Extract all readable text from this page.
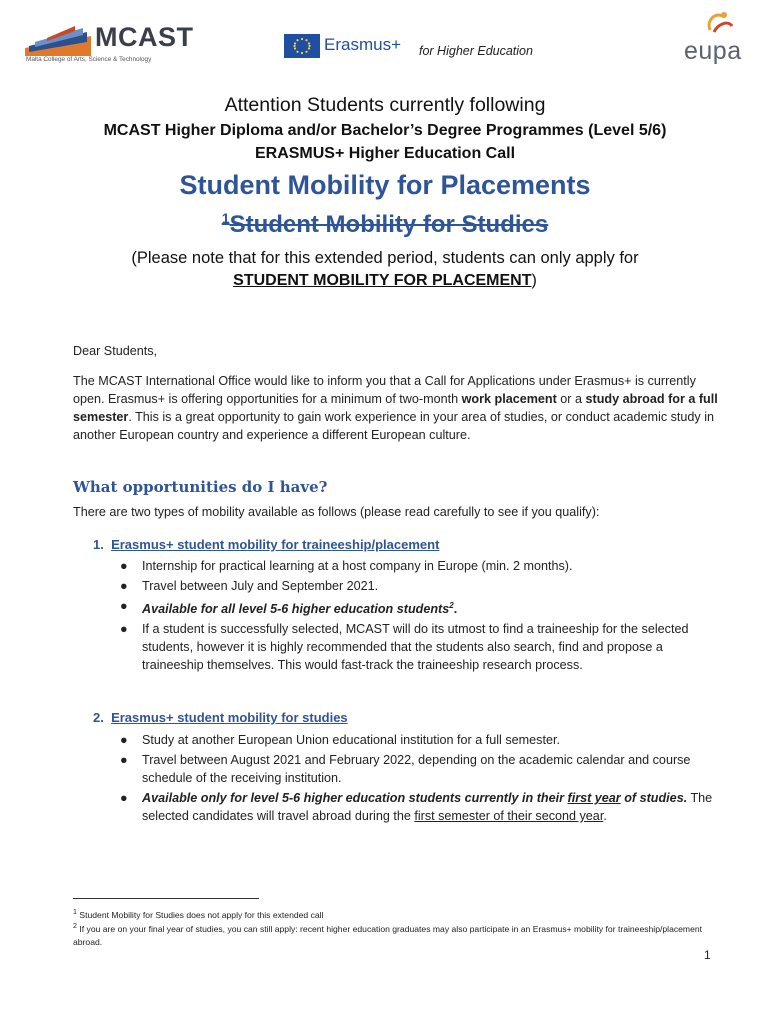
MCAST
Malta College of Arts, Science & Technology
Erasmus+ for Higher Education	eupa
Attention Students currently following
MCAST Higher Diploma and/or Bachelor’s Degree Programmes (Level 5/6)
ERASMUS+ Higher Education Call
Student Mobility for Placements
$^1$Student Mobility for Studies
(Please note that for this extended period, students can only apply for
STUDENT MOBILITY FOR PLACEMENT)
Dear Students,
The MCAST International Office would like to inform you that a Call for Applications under Erasmus+ is currently open. Erasmus+ is offering opportunities for a minimum of two-month work placement or a study abroad for a full semester. This is a great opportunity to gain work experience in your area of studies, or conduct academic study in another European country and experience a different European culture.
What opportunities do I have?
There are two types of mobility available as follows (please read carefully to see if you qualify):
1. Erasmus+ student mobility for traineeship/placement
● Internship for practical learning at a host company in Europe (min. 2 months).
● Travel between July and September 2021.
● Available for all level 5-6 higher education students$^2$.
● If a student is successfully selected, MCAST will do its utmost to find a traineeship for the selected students, however it is highly recommended that the students also search, find and propose a traineeship themselves. This would fast-track the traineeship research process.
2. Erasmus+ student mobility for studies
● Study at another European Union educational institution for a full semester.
● Travel between August 2021 and February 2022, depending on the academic calendar and course schedule of the receiving institution.
● Available only for level 5-6 higher education students currently in their first year of studies. The selected candidates will travel abroad during the first semester of their second year.
$^1$ Student Mobility for Studies does not apply for this extended call
$^2$ If you are on your final year of studies, you can still apply: recent higher education graduates may also participate in an Erasmus+ mobility for traineeship/placement abroad.
1
